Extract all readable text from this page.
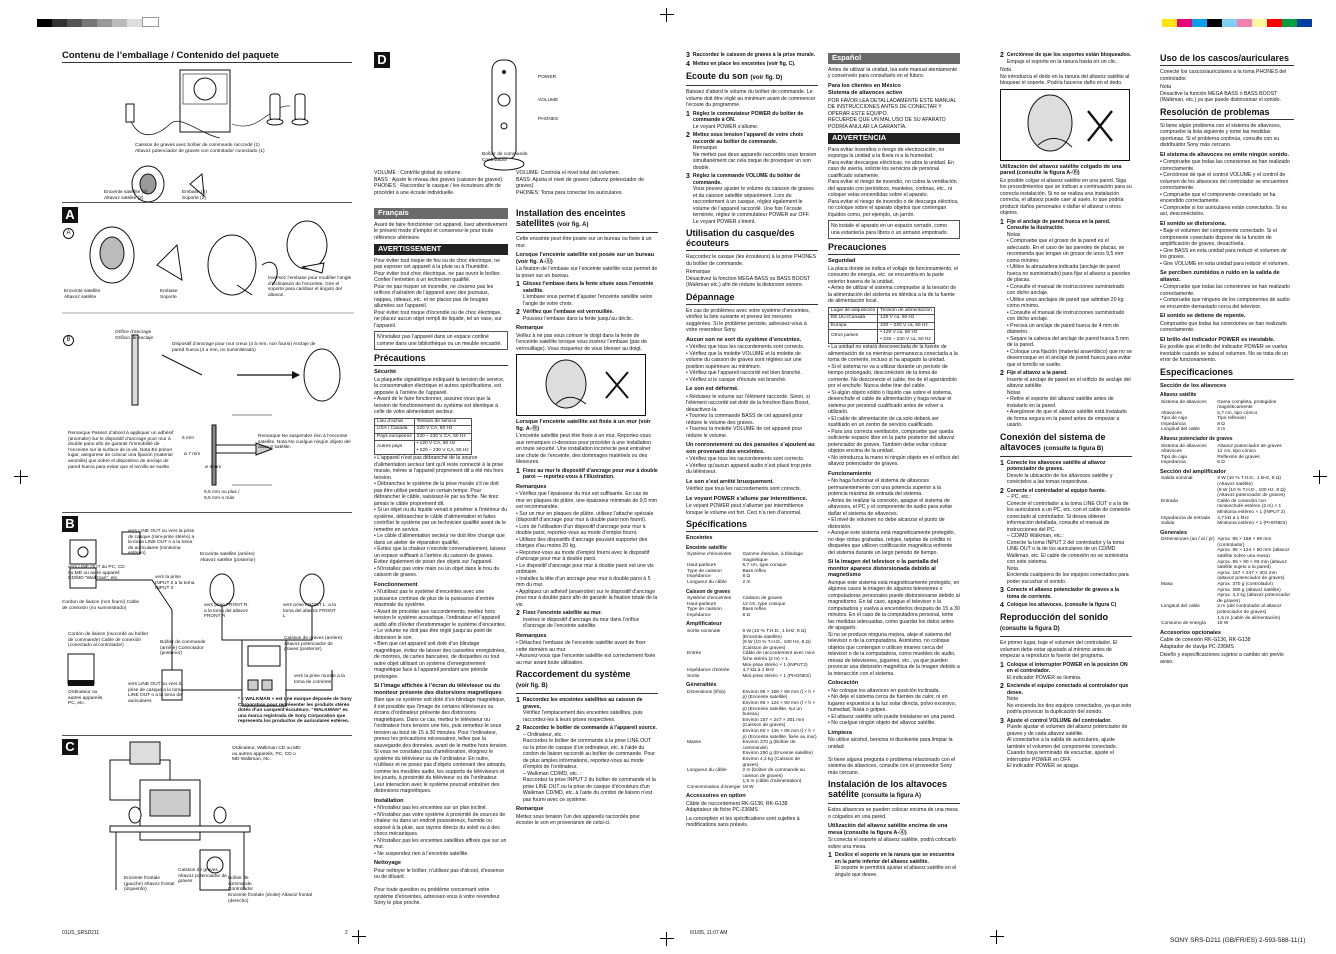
Contenu de l’emballage / Contenido del paquete
Caisson de graves avec boîtier de commande raccordé (1)
Altavoz potenciador de graves con controlador conectado (1)
Enceinte satellite (2)
Altavoz satélite (2)
Embase (2)
Soporte (2)
A
A
B
Enceinte satellite
Altavoz satélite
Embase
Soporte
Inversez l’embase pour modifier l’angle d’inclinaison de l’enceinte. Gire el soporte para cambiar el ángulo del altavoz.
Orifice d’ancrage
Orificio de anclaje
Dispositif d’ancrage pour mur creux (4 à mm, non fourni) Anclaje de pared hueca (4 a mm, no suministrado)
Remarque Passez d’abord à appliquer un adhésif (anomalie) sur le dispositif d’ancrage pour mur à double paroi afin de garantir l’immobilité de l’enceinte sur la surface de la vis. Nota En primer lugar, asegúrese de colocar una fijación (material anomilis) que sobre el dispositivo de anclaje de pared hueca para evitar que el tornillo se suelte.
5 mm
ø 7 mm
ø 4 mm
9,5 mm ou plus /
9,5 mm o más
Remarque Ne suspendez rien à l’enceinte satellite. Nota No cuelgue ningún objeto del altavoz satélite.
B
vers LINE OUT ou vers la prise de casque (mini-prise stéréo) a la toma LINE OUT o a la toma de auriculares (minitoma estéreo)
vers LINE OUT du PC, CD ou MD ou autre appareil CD/MD “Walkman”, etc.
Enceinte satellite (arrière)
Altavoz satélite (posterior)
vers la prise INPUT 2 a la toma INPUT 2
Cordon de liaison (non fourni) Cable de conexión (no suministrado)
Cordon de liaison (raccordé au boîtier de commande) Cable de conexión (conectado al controlador)
vers prise FRONT R. a la toma del altavoz FRONT R
vers prise FRONT L. a la toma del altavoz FRONT L
Boîtier de commande (arrière) Controlador (posterior)
Caisson de graves (arrière) Altavoz potenciador de graves (posterior)
Ordinateur ou autres appareils, PC, etc.
vers LINE OUT ou vers la prise de casque a la toma LINE OUT o a la toma de auriculares
vers la prise murale a la toma de corriente
* « WALKMAN » est une marque déposée de Sony Corporation pour représenter les produits stéréo dotés d’un casque/d’écouteurs. “WALKMAN” es una marca registrada de Sony Corporation que representa los productos de auriculares estéreo.
C	Ordinateur, Walkman CD ou MD ou autres appareils, PC, CD o MD Walkman, etc.
Enceinte frontale (gauche) Altavoz frontal (izquierdo)
Caisson de graves Altavoz potenciador de graves
Boîtier de commande Controlador
Enceinte frontale (droite) Altavoz frontal (derecho)
D
POWER
VOLUME
PHONES
Boîtier de commande
Controlador

VOLUME : Contrôle global du volume.
BASS : Ajuste le niveau des graves (caisson de graves).
PHONES : Raccordez le casque / les écouteurs afin de procéder à une écoute individuelle.

VOLUME: Controla el nivel total del volumen.
BASS: Ajusta el nivel de graves (altavoz potenciador de graves).
PHONES: Toma para conectar los auriculares.

Français

Avant de faire fonctionner cet appareil, lisez attentivement le présent mode d’emploi et conservez-le pour toute référence ultérieure.

AVERTISSEMENT

Pour éviter tout risque de feu ou de choc électrique, ne pas exposer cet appareil à la pluie ou à l’humidité.
Pour éviter tout choc électrique, ne pas ouvrir le boîtier. Confier l’entretien à un technicien qualifié.
Pour ne pas risquer un incendie, ne couvrez pas les orifices d’aération de l’appareil avec des journaux, nappes, rideaux, etc. et ne placez pas de bougies allumées sur l’appareil.
Pour éviter tout risque d’incendie ou de choc électrique, ne placez aucun objet rempli de liquide, tel un vase, sur l’appareil.

N’installez pas l’appareil dans un espace confiné comme dans une bibliothèque ou un meuble encastré.
Précautions
Sécurité

La plaquette signalétique indiquant la tension de service, la consommation électrique et autres spécifications, est apposée à l’arrière de l’appareil.
• Avant de le faire fonctionner, assurez-vous que la tension de fonctionnement du système est identique à celle de votre alimentation secteur.

Lieu d’achat	Tension de service
USA / Canada	120 V CA, 60 Hz
Pays européens	220 – 230 V CA, 50 Hz
Autres pays	• 120 V CA, 60 Hz
• 220 – 230 V CA, 50 Hz

• L’appareil n’est pas débranché de la source d’alimentation secteur tant qu’il reste connecté à la prise murale, même si l’appareil proprement dit a été mis hors tension.
• Débranchez le système de la prise murale s’il ne doit pas être utilisé pendant un certain temps. Pour débrancher le câble, saisissez-le par sa fiche. Ne tirez jamais le câble proprement dit.
• Si un objet ou du liquide venait à pénétrer à l’intérieur du système, débranchez le câble d’alimentation et faites contrôler le système par un technicien qualifié avant de le remettre en service.
• Le câble d’alimentation secteur ne doit être changé que dans un atelier de réparation qualifié.
• Évitez que la chaleur n’excède convenablement, laissez un espace suffisant à l’arrière du caisson de graves. Évitez également de poser des objets sur l’appareil.
• N’installez pas votre main ou un objet dans le trou du caisson de graves.

Fonctionnement

• N’utilisez pas le système d’enceintes avec une puissance continue de plus de la puissance d’entrée maximale du système.
• Avant de procéder aux raccordements, mettez hors tension le système acoustique, l’ordinateur et l’appareil audio afin d’éviter d’endommager le système d’enceintes.
• Le volume ne doit pas être réglé jusqu’au point de distorsion le son.
• Bien que cet appareil soit doté d’un blindage magnétique, évitez de laisser des cassettes enregistrées, de montres, de cartes bancaires, de disquettes ou tout autre objet utilisant un système d’enregistrement magnétique face à l’appareil pendant une période prolongée.

Si l’image affichée à l’écran du téléviseur ou du moniteur présente des distorsions magnétiques

Bien que ce système soit doté d’un blindage magnétique, il est possible que l’image de certains téléviseurs ou écrans d’ordinateur présente des distorsions magnétiques. Dans ce cas, mettez le téléviseur ou l’ordinateur hors tension une fois, puis remettez-le sous tension au bout de 15 à 30 minutes. Pour l’ordinateur, prenez les précautions nécessaires, telles que la sauvegarde des données, avant de le mettre hors tension.
Si vous ne constatez pas d’amélioration, éloignez le système du téléviseur ou de l’ordinateur. En outre, n’utilisez et ne posez pas d’objets contenant des aimants, comme les meubles audio, les supports de téléviseurs et les jouets, à proximité du téléviseur ou de l’ordinateur. Leur interaction avec le système pourrait entraîner des distorsions magnétiques.

Installation

• N’installez pas les enceintes sur un plan incliné.
• N’installez pas votre système à proximité de sources de chaleur ou dans un endroit poussiéreux, humide ou exposé à la pluie, aux rayons directs du soleil ou à des chocs mécaniques.
• N’installez pas les enceintes satellites affixés que sur un mur.
• Ne suspendez rien à l’enceinte satellite.

Nettoyage

Pour nettoyer le boîtier, n’utilisez pas d’alcool, d’essence ou de diluant.

Pour toute question ou problème concernant votre système d’enceintes, adressez-vous à votre revendeur Sony le plus proche.

Installation des enceintes satellites (voir fig. A)

Cette enceinte peut être posée sur un bureau ou fixée à un mur.

Lorsque l’enceinte satellite est posée sur un bureau (voir fig. A-Ⓐ)

La fixation de l’embase sur l’enceinte satellite vous permet de la poser sur un bureau.

1 Glissez l’embase dans la fente située sous l’enceinte satellite.
L’embase vous permet d’ajuster l’enceinte satellite selon l’angle de votre choix.
2 Vérifiez que l’embase est verrouillée.
Poussez l’embase dans la fente jusqu’au déclic.
Remarque

Veillez à ne pas vous coincer le doigt dans la fente de l’enceinte satellite lorsque vous insérez l’embase (pas de verrouillage). Vous risqueriez de vous blesser au doigt.

Lorsque l’enceinte satellite est fixée à un mur (voir fig. A-Ⓑ)

L’enceinte satellite peut être fixée à un mur. Reportez-vous aux remarques ci-dessous pour procéder à une installation en toute sécurité. Une installation incorrecte peut entraîner une chute de l’enceinte, des dommages matériels ou des blessures.

1 Fixez au mur le dispositif d’ancrage pour mur à double paroi — reportez-vous à l’illustration.
Remarques

• Vérifiez que l’épaisseur du mur est suffisante. En cas de mur en plaques de plâtre, une épaisseur minimale de 9,5 mm est recommandée.
• Sur un mur en plaques de plâtre, utilisez l’attache spéciale (dispositif d’ancrage pour mur à double paroi non fourni).
• Lors de l’utilisation d’un dispositif d’ancrage pour mur à double paroi, reportez-vous au mode d’emploi fourni.
• Utilisez des dispositifs d’ancrage pouvant supporter des charges d’au moins 20 kg.
• Reportez-vous au mode d’emploi fourni avec le dispositif d’ancrage pour mur à double paroi.
• Le dispositif d’ancrage pour mur à double paroi est une vis ordinaire.
• Installez la tête d’un ancrage pour mur à double paroi à 5 mm du mur.
• Appliquez un adhésif (anaérobie) sur le dispositif d’ancrage pour mur à double paroi afin de garantir la fixation totale de la vis.

2 Fixez l’enceinte satellite au mur.
Insérez le dispositif d’ancrage du mur dans l’orifice d’ancrage de l’enceinte satellite.
Remarques

• Détachez l’embase de l’enceinte satellite avant de fixer cette dernière au mur.
• Assurez-vous que l’enceinte satellite est correctement fixée au mur avant toute utilisation.

Raccordement du système
(voir fig. B)
1 Raccordez les enceintes satellites au caisson de graves.
Vérifiez l’emplacement des enceintes satellites, puis raccordez-les à leurs prises respectives.
2 Raccordez le boîtier de commande à l’appareil source.
– Ordinateur, etc. :
Raccordez le boîtier de commande à la prise LINE OUT ou la prise de casque d’un ordinateur, etc. à l’aide du cordon de liaison raccordé au boîtier de commande. Pour de plus amples informations, reportez-vous au mode d’emploi de l’ordinateur.
– Walkman CD/MD, etc. :
Raccordez la prise INPUT 2 du boîtier de commande et la prise LINE OUT ou la prise de casque d’écouteurs d’un Walkman CD/MD, etc. à l’aide du cordon de liaison n’est pas fourni avec ce système.
Remarque

Mettez sous tension l’un des appareils raccordés pour écouter le son en provenance de celui-ci.

3 Raccordez le caisson de graves à la prise murale.
4 Mettez en place les enceintes (voir fig. C).
Ecoute du son (voir fig. D)

Baissez d’abord le volume du boîtier de commande. Le volume doit être réglé au minimum avant de commencer l’écoute du programme.

1 Réglez le commutateur POWER du boîtier de commande à ON.
Le voyant POWER s’allume.
2 Mettez sous tension l’appareil de votre choix raccordé au boîtier de commande.
Remarque
Ne mettez pas deux appareils raccordés sous tension simultanément car cela risque de provoquer un son double.
3 Réglez la commande VOLUME du boîtier de commande.
Vous pouvez ajuster le volume du caisson de graves et du caisson satellite séparément. Lors du raccordement à un casque, réglez également le volume de l’appareil raccordé. Une fois l’écoute terminée, réglez le commutateur POWER sur OFF.
Le voyant POWER s’éteint.
Utilisation du casque/des écouteurs

Raccordez le casque (les écouteurs) à la prise PHONES du boîtier de commande.

Remarque
Désactivez la fonction MEGA BASS ou BASS BOOST (Walkman etc.) afin de réduire la distorsion sonore.

Dépannage

En cas de problèmes avec votre système d’enceintes, vérifiez la liste suivante et prenez les mesures suggérées. Si le problème persiste, adressez-vous à votre revendeur Sony.

Aucun son ne sort du système d’enceintes.

• Vérifiez que tous les raccordements sont corrects.
• Vérifiez que la molette VOLUME et la molette de volume du caisson de graves sont réglées sur une position supérieure au minimum.
• Vérifiez que l’appareil raccordé est bien branché.
• Vérifiez si le casque d’écoute est branché.

Le son est déformé.

• Réduisez le volume sur l’élément raccordé. Sinon, si l’élément raccordé est doté de la fonction Bass Boost, désactivez-la.
• Tournez la commande BASS de cet appareil pour réduire le volume des graves.
• Tournez la molette VOLUME de cet appareil pour réduire le volume.

Un ronronnement ou des parasites s’ajoutent au son provenant des enceintes.

• Vérifiez que tous les raccordements sont corrects.
• Vérifiez qu’aucun appareil audio n’est placé trop près du téléviseur.

Le son s’est arrêté brusquement.

Vérifiez que tous les raccordements sont corrects.

Le voyant POWER s’allume par intermittence.

Le voyant POWER peut s’allumer par intermittence lorsque le volume est fort. Ceci n’a rien d’anormal.

Spécifications
Enceintes
Enceinte satellite
Système d’enceintes	Gamme étendue, à blindage magnétique
Haut-parleurs	5,7 cm, type conique
Type de caisson	Bass reflex
Impédance	8 Ω
Longueur du câble	2 m
Caisson de graves
Système d’enceintes	Caisson de graves
Haut-parleurs	12 cm, type conique
Type de caisson	Bass reflex
Impédance	8 Ω
Amplificateur
Sortie nominale	9 W (10 % T.H.D., 1 kHz, 8 Ω) (Enceinte satellite)
(9 W (10 % T.H.D., 100 Hz, 8 Ω) (Caisson de graves)
Entrée	Câble de raccordement avec mini-fiche stéréo (2 m) × 1
Mini-prise stéréo × 1 (INPUT2)
Impédance d’entrée	4,7 kΩ à 1 kHz
Sortie	Mini-prise stéréo × 1 (PHONES)
Généralités
Dimensions (l/h/p)	Environ 95 × 168 × 99 mm (l × h × p) (Enceinte satellite)
Environ 95 × 124 × 90 mm (l × h × p) (Enceinte satellite, sur un bureau)
Environ 157 × 247 × 301 mm (Caisson de graves)
Environ 50 × 145 × 85 mm (l × h × p) (Enceinte satellite, fixée au mur)
Masse	Environ 370 g (Boîtier de commande)
Environ 290 g (Enceinte satellite)
Environ 4,2 kg (Caisson de graves)
Longueur du câble	2 m (boîtier de commande au caisson de graves)
1,5 m (câble d’alimentation)
Consommation d’énergie	18 W
Accessoires en option

Câble de raccordement RK-G136, RK-G138
Adaptateur de fiche PC-236MS

La conception et les spécifications sont sujettes à modifications sans préavis.

Español

Antes de utilizar la unidad, lea este manual atentamente y consérvelo para consultarlo en el futuro.

Para los clientes en México
Sistema de altavoces activo

POR FAVOR LEA DETALLADAMENTE ESTE MANUAL DE INSTRUCCIONES ANTES DE CONECTAR Y OPERAR ESTE EQUIPO.
RECUERDE QUE UN MAL USO DE SU APARATO PODRÍA ANULAR LA GARANTÍA.

ADVERTENCIA

Para evitar incendios o riesgo de electrocución, no exponga la unidad a la lluvia ni a la humedad.
Para evitar descargas eléctricas, no abra la unidad. En caso de avería, solicite los servicios de personal cualificado solamente.
Para evitar el riesgo de incendio, no cubra la ventilación del aparato con periódicos, manteles, cortinas, etc., ni coloque velas encendidas sobre el aparato.
Para evitar el riesgo de incendio o de descarga eléctrica, no coloque sobre el aparato objetos que contengan líquidos como, por ejemplo, un jarrón.

No instale el aparato en un espacio cerrado, como una estantería para libros o un armario empotrado.
Precauciones
Seguridad

La placa donde se indica el voltaje de funcionamiento, el consumo de energía, etc. se encuentra en la parte exterior trasera de la unidad.
• Antes de utilizar el sistema compruebe si la tensión de la alimentación del sistema es idéntica a la de la fuente de alimentación local.

Lugar de adquisición	Tensión de alimentación
EE.UU./Canadá	120 V ca, 60 Hz
Europa	220 – 230 V ca, 50 Hz
Otros países	• 120 V ca, 60 Hz
• 220 – 230 V ca, 50 Hz

• La unidad no estará desconectada de la fuente de alimentación de ca mientras permanezca conectada a la toma de corriente, incluso si ha apagado la unidad.
• Si el sistema no va a utilizar durante un periodo de tiempo prolongado, desconéctelo de la toma de corriente. No desconecte el cable, tire de él agarrándolo por el enchufe. Nunca debe tirar del cable.
• Si algún objeto sólido o líquido cae sobre el sistema, desenchufe el cable de alimentación y haga revisar el sistema por personal cualificado antes de volver a utilizarlo.
• El cable de alimentación de ca solo deberá ser sustituido en un centro de servicio cualificado.
• Para una correcta ventilación, compruebe que queda suficiente espacio libre en la parte posterior del altavoz potenciador de graves. También debe evitar colocar objetos encima de la unidad.
• No introduzca la mano ni ningún objeto en el orificio del altavoz potenciador de graves.

Funcionamiento

• No haga funcionar el sistema de altavoces permanentemente con una potencia superior a la potencia máxima de entrada del sistema.
• Antes de realizar la conexión, apague el sistema de altavoces, el PC y el componente de audio para evitar dañar el sistema de altavoces.
• El nivel de volumen no debe alcanzar el punto de distorsión.
• Aunque este sistema está magnéticamente protegido, no deje cintas grabadas, relojes, tarjetas de crédito ni disquetes que utilicen codificación magnética enfrente del sistema durante un largo periodo de tiempo.

Si la imagen del televisor o la pantalla del monitor aparece distorsionada debido al magnetismo

Aunque este sistema está magnéticamente protegido, en algunos casos la imagen de algunos televisores o computadoras personales puede distorsionarse debido al magnetismo. En tal caso, apague el televisor o la computadora y vuelva a encenderlos después de 15 a 30 minutos. En el caso de la computadora personal, tome las medidas adecuadas, como guardar los datos antes de apagarlo.
Si no se produce ninguna mejora, aleje el sistema del televisor o de la computadora. Asimismo, no coloque objetos que contengan o utilicen imanes cerca del televisor o de la computadora, como muebles de audio, mesas de televisores, juguetes, etc., ya que pueden provocar una distorsión magnética de la imagen debido a la interacción con el sistema.

Colocación

• No coloque los altavoces en posición inclinada.
• No deje el sistema cerca de fuentes de calor, ni en lugares expuestos a la luz solar directa, polvo excesivo, humedad, lluvia o golpes.
• El altavoz satélite sólo puede instalarse en una pared.
• No cuelgue ningún objeto del altavoz satélite.

Limpieza

No utilice alcohol, bencina ni disolvente para limpiar la unidad.

Si tiene alguna pregunta o problema relacionado con el sistema de altavoces, consulte con el proveedor Sony más cercano.

Instalación de los altavoces satélite (consulte la figura A)

Estos altavoces se pueden colocar encima de una mesa o colgados en una pared.

Utilización del altavoz satélite encima de una mesa (consulte la figura A-Ⓐ)

Si conecta el soporte al altavoz satélite, podrá colocarlo sobre una mesa.

1 Deslice el soporte en la ranura que se encuentra en la parte inferior del altavoz satélite.
El soporte le permitirá ajustar el altavoz satélite en el ángulo que desee.
2 Cerciórese de que los soportes están bloqueados.
Empuje el soporte en la ranura hasta oír un clic.

Nota
No introduzca el dedo en la ranura del altavoz satélite al bloquear el soporte. Podría hacerse daño en el dedo.

Utilización del altavoz satélite colgado de una pared (consulte la figura A-Ⓑ)

Es posible colgar el altavoz satélite en una pared. Siga los procedimientos que se indican a continuación para su correcta instalación. Si no se realiza una instalación correcta, el altavoz puede caer al suelo, lo que podría producir daños personales o dañar el altavoz u otros objetos.

1 Fije el anclaje de pared hueca en la pared. Consulte la ilustración.
Notas
• Compruebe que el grosor de la pared es el adecuado. En el caso de las paredes de placas, se recomienda que tengan un grosor de unos 9,5 mm como mínimo.
• Utilice la abrazadera indicada (anclaje de pared hueca no suministrado) para fijar el altavoz a paredes de placas.
• Consulte el manual de instrucciones suministrado con dicho anclaje.
• Utilice unos anclajes de pared que admitan 20 kg como mínimo.
• Consulte el manual de instrucciones suministrado con dicho anclaje.
• Precisa un anclaje de pared hueca de 4 mm de diámetro.
• Separe la cabeza del anclaje de pared hueca 5 mm de la pared.
• Coloque una fijación (material anaeróbico) que no se desenrosque en el anclaje de pared hueca para evitar que el tornillo se suelte.
2 Fije el altavoz a la pared.
Inserte el anclaje de pared en el orificio de anclaje del altavoz satélite.
Notas
• Retire el soporte del altavoz satélite antes de instalarlo en la pared.
• Asegúrese de que el altavoz satélite está instalado de forma segura en la pared antes de empezar a usarlo.
Conexión del sistema de altavoces (consulte la figura B)
1 Conecte los altavoces satélite al altavoz potenciador de graves.
Desvíe la ubicación de los altavoces satélite y conéctelos a las tomas respectivas.
2 Conecte el controlador al equipo fuente.
– PC, etc.:
Conecte el controlador a la toma LINE OUT o a la de los auriculares a un PC, etc. con el cable de conexión conectado al controlador. Si desea obtener información detallada, consulte el manual de instrucciones del PC.
– CD/MD Walkman, etc.:
Conecte la toma INPUT 2 del controlador y la toma LINE OUT o la de los auriculares de un CD/MD Walkman, etc. El cable de conexión no se suministra con este sistema.
Nota
Encienda cualquiera de los equipos conectados para poder escuchar el sonido.
3 Conecte el altavoz potenciador de graves a la toma de corriente.
4 Coloque los altavoces. (consulte la figura C)
Reproducción del sonido
(consulte la figura D)

En primer lugar, baje el volumen del controlador. El volumen debe estar ajustado al mínimo antes de empezar a reproducir la fuente del programa.

1 Coloque el interruptor POWER en la posición ON en el controlador.
El indicador POWER se ilumina.
2 Encienda el equipo conectado al controlador que desee.
Nota
No encienda los dos equipos conectados, ya que esto podría provocar la duplicación del sonido.
3 Ajuste el control VOLUME del controlador.
Puede ajustar el volumen del altavoz potenciador de graves y de cada altavoz satélite.
Al conectarlos a la salida de auriculares, ajuste también el volumen del componente conectado. Cuando haya terminado de escuchar, ajuste el interruptor POWER en OFF.
El indicador POWER se apaga.
Uso de los cascos/auriculares

Conecte los cascos/auriculares a la toma PHONES del controlador.

Nota
Desactive la función MEGA BASS o BASS BOOST (Walkman, etc.) ya que puede distorsionar el sonido.

Resolución de problemas

Si tiene algún problema con el sistema de altavoces, compruebe la lista siguiente y tome las medidas oportunas. Si el problema continúa, consulte con su distribuidor Sony más cercano.

El sistema de altavoces no emite ningún sonido.

• Compruebe que todas las conexiones se han realizado correctamente.
• Cerciórese de que el control VOLUME y el control de volumen de los altavoces del controlador se encuentren correctamente.
• Compruebe que el componente conectado se ha encendido correctamente.
• Compruebe si los auriculares están conectados. Si es así, desconéctelos.

El sonido se distorsiona.

• Baje el volumen del componente conectado. Si el componente conectado dispone de la función de amplificación de graves, desactívela.
• Gire BASS en esta unidad para reducir el volumen de los graves.
• Gire VOLUME en esta unidad para reducir el volumen.

Se perciben zumbidos o ruido en la salida de altavoz.

• Compruebe que todas las conexiones se han realizado correctamente.
• Compruebe que ninguno de los componentes de audio se encuentre demasiado cerca del televisor.

El sonido se detiene de repente.

Compruebe que todas las conexiones se han realizado correctamente.

El brillo del indicador POWER es inestable.

Es posible que el brillo del indicador POWER se vuelva inestable cuando se suba el volumen. No se trata de un error de funcionamiento.

Especificaciones
Sección de los altavoces
Altavoz satélite
Sistema de altavoces	Gama completa, protegidos magnéticamente
Altavoces	5,7 cm, tipo cónico
Tipo de caja	Tipo reflexión
Impedancia	8 Ω
Longitud del cable	2 m
Altavoz potenciador de graves
Sistema de altavoces	Altavoz potenciador de graves
Altavoces	12 cm, tipo cónico
Tipo de caja	Reflexión de graves
Impedancia	8 Ω
Sección del amplificador
Salida nominal	9 W (10 % T.H.D., 1 kHz, 8 Ω) (Altavoz satélite)
(9 W (10 % T.H.D., 100 Hz, 8 Ω) (Altavoz potenciador de graves)
Entrada	Cable de conexión con minienchufe estéreo (2 m) × 1
Minitoma estéreo × 1 (INPUT 2)
Impedancia de entrada	4,7 kΩ a 1 kHz
Salida	Minitoma estéreo × 1 (PHONES)
Generales
Dimensiones (an / al / pr)	Aprox. 95 × 168 × 99 mm (controlador)
Aprox. 95 × 124 × 90 mm (altavoz satélite sobre una mesa)
Aprox. 95 × 90 × 93 mm (altavoz satélite sujeto a la pared)
Aprox. 157 × 247 × 301 mm (altavoz potenciador de graves)
Masa	Aprox. 370 g (controlador)
Aprox. 290 g (altavoz satélite)
Aprox. 4,2 kg (altavoz potenciador de graves)
Longitud del cable	2 m (del controlador al altavoz potenciador de graves)
1,5 m (cable de alimentación)
Consumo de energía	18 W
Accesorios opcionales

Cable de conexión RK-G136, RK-G138
Adaptador de clavija PC-236MS

Diseño y especificaciones sujetos a cambio sin previo aviso.

01US_SRSD211	2	6/1/05, 11:07 AM
SONY SRS-D211 (GB/FR/ES) 2-593-588-11(1)
